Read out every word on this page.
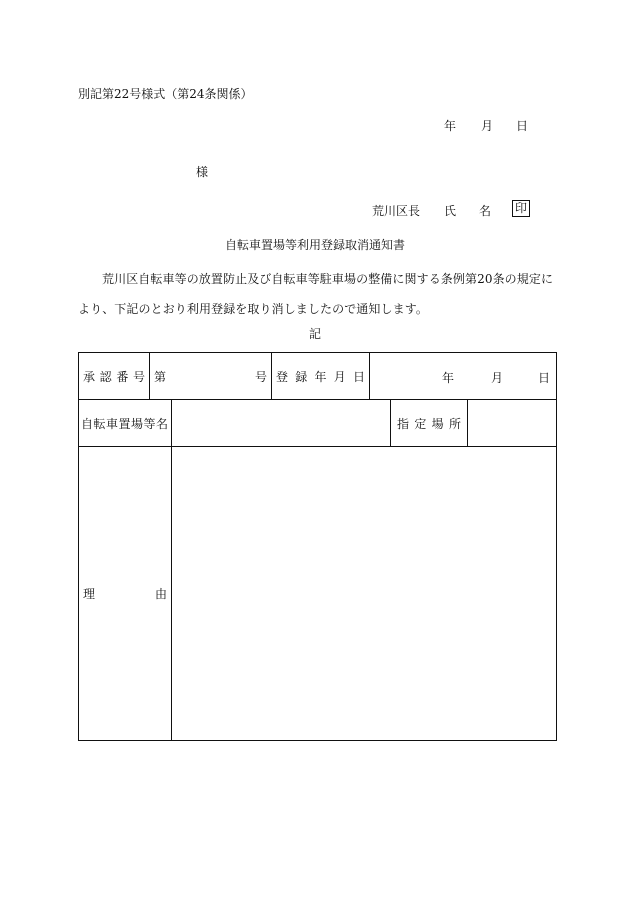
別記第22号様式（第24条関係）
年 月 日
様
荒川区長 氏 名 印
自転車置場等利用登録取消通知書
荒川区自転車等の放置防止及び自転車等駐車場の整備に関する条例第20条の規定により、下記のとおり利用登録を取り消しましたので通知します。
記
承 認 番 号	第 号		登 録 年 月 日	年 月 日		

自転車置場等名					指 定 場 所	

理 由						
